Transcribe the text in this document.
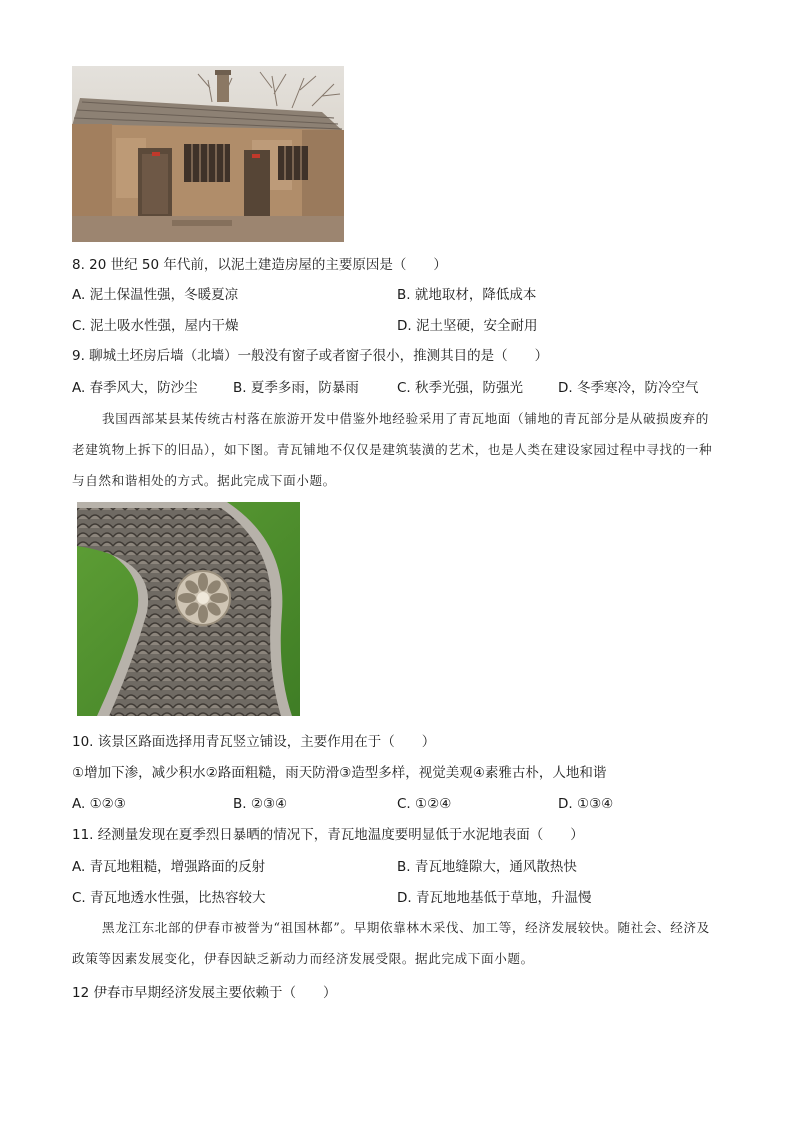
8. 20 世纪 50 年代前，以泥土建造房屋的主要原因是（　　）
A. 泥土保温性强，冬暖夏凉	B. 就地取材，降低成本
C. 泥土吸水性强，屋内干燥	D. 泥土坚硬，安全耐用
9. 聊城土坯房后墙（北墙）一般没有窗子或者窗子很小，推测其目的是（　　）
A. 春季风大，防沙尘	B. 夏季多雨，防暴雨	C. 秋季光强，防强光	D. 冬季寒冷，防冷空气
我国西部某县某传统古村落在旅游开发中借鉴外地经验采用了青瓦地面（铺地的青瓦部分是从破损废弃的老建筑物上拆下的旧品），如下图。青瓦铺地不仅仅是建筑装潢的艺术，也是人类在建设家园过程中寻找的一种与自然和谐相处的方式。据此完成下面小题。
10. 该景区路面选择用青瓦竖立铺设，主要作用在于（　　）
①增加下渗，减少积水②路面粗糙，雨天防滑③造型多样，视觉美观④素雅古朴，人地和谐
A. ①②③	B. ②③④	C. ①②④	D. ①③④
11. 经测量发现在夏季烈日暴晒的情况下，青瓦地温度要明显低于水泥地表面（　　）
A. 青瓦地粗糙，增强路面的反射	B. 青瓦地缝隙大，通风散热快
C. 青瓦地透水性强，比热容较大	D. 青瓦地地基低于草地，升温慢
黑龙江东北部的伊春市被誉为“祖国林都”。早期依靠林木采伐、加工等，经济发展较快。随社会、经济及政策等因素发展变化，伊春因缺乏新动力而经济发展受限。据此完成下面小题。
12 伊春市早期经济发展主要依赖于（　　）
